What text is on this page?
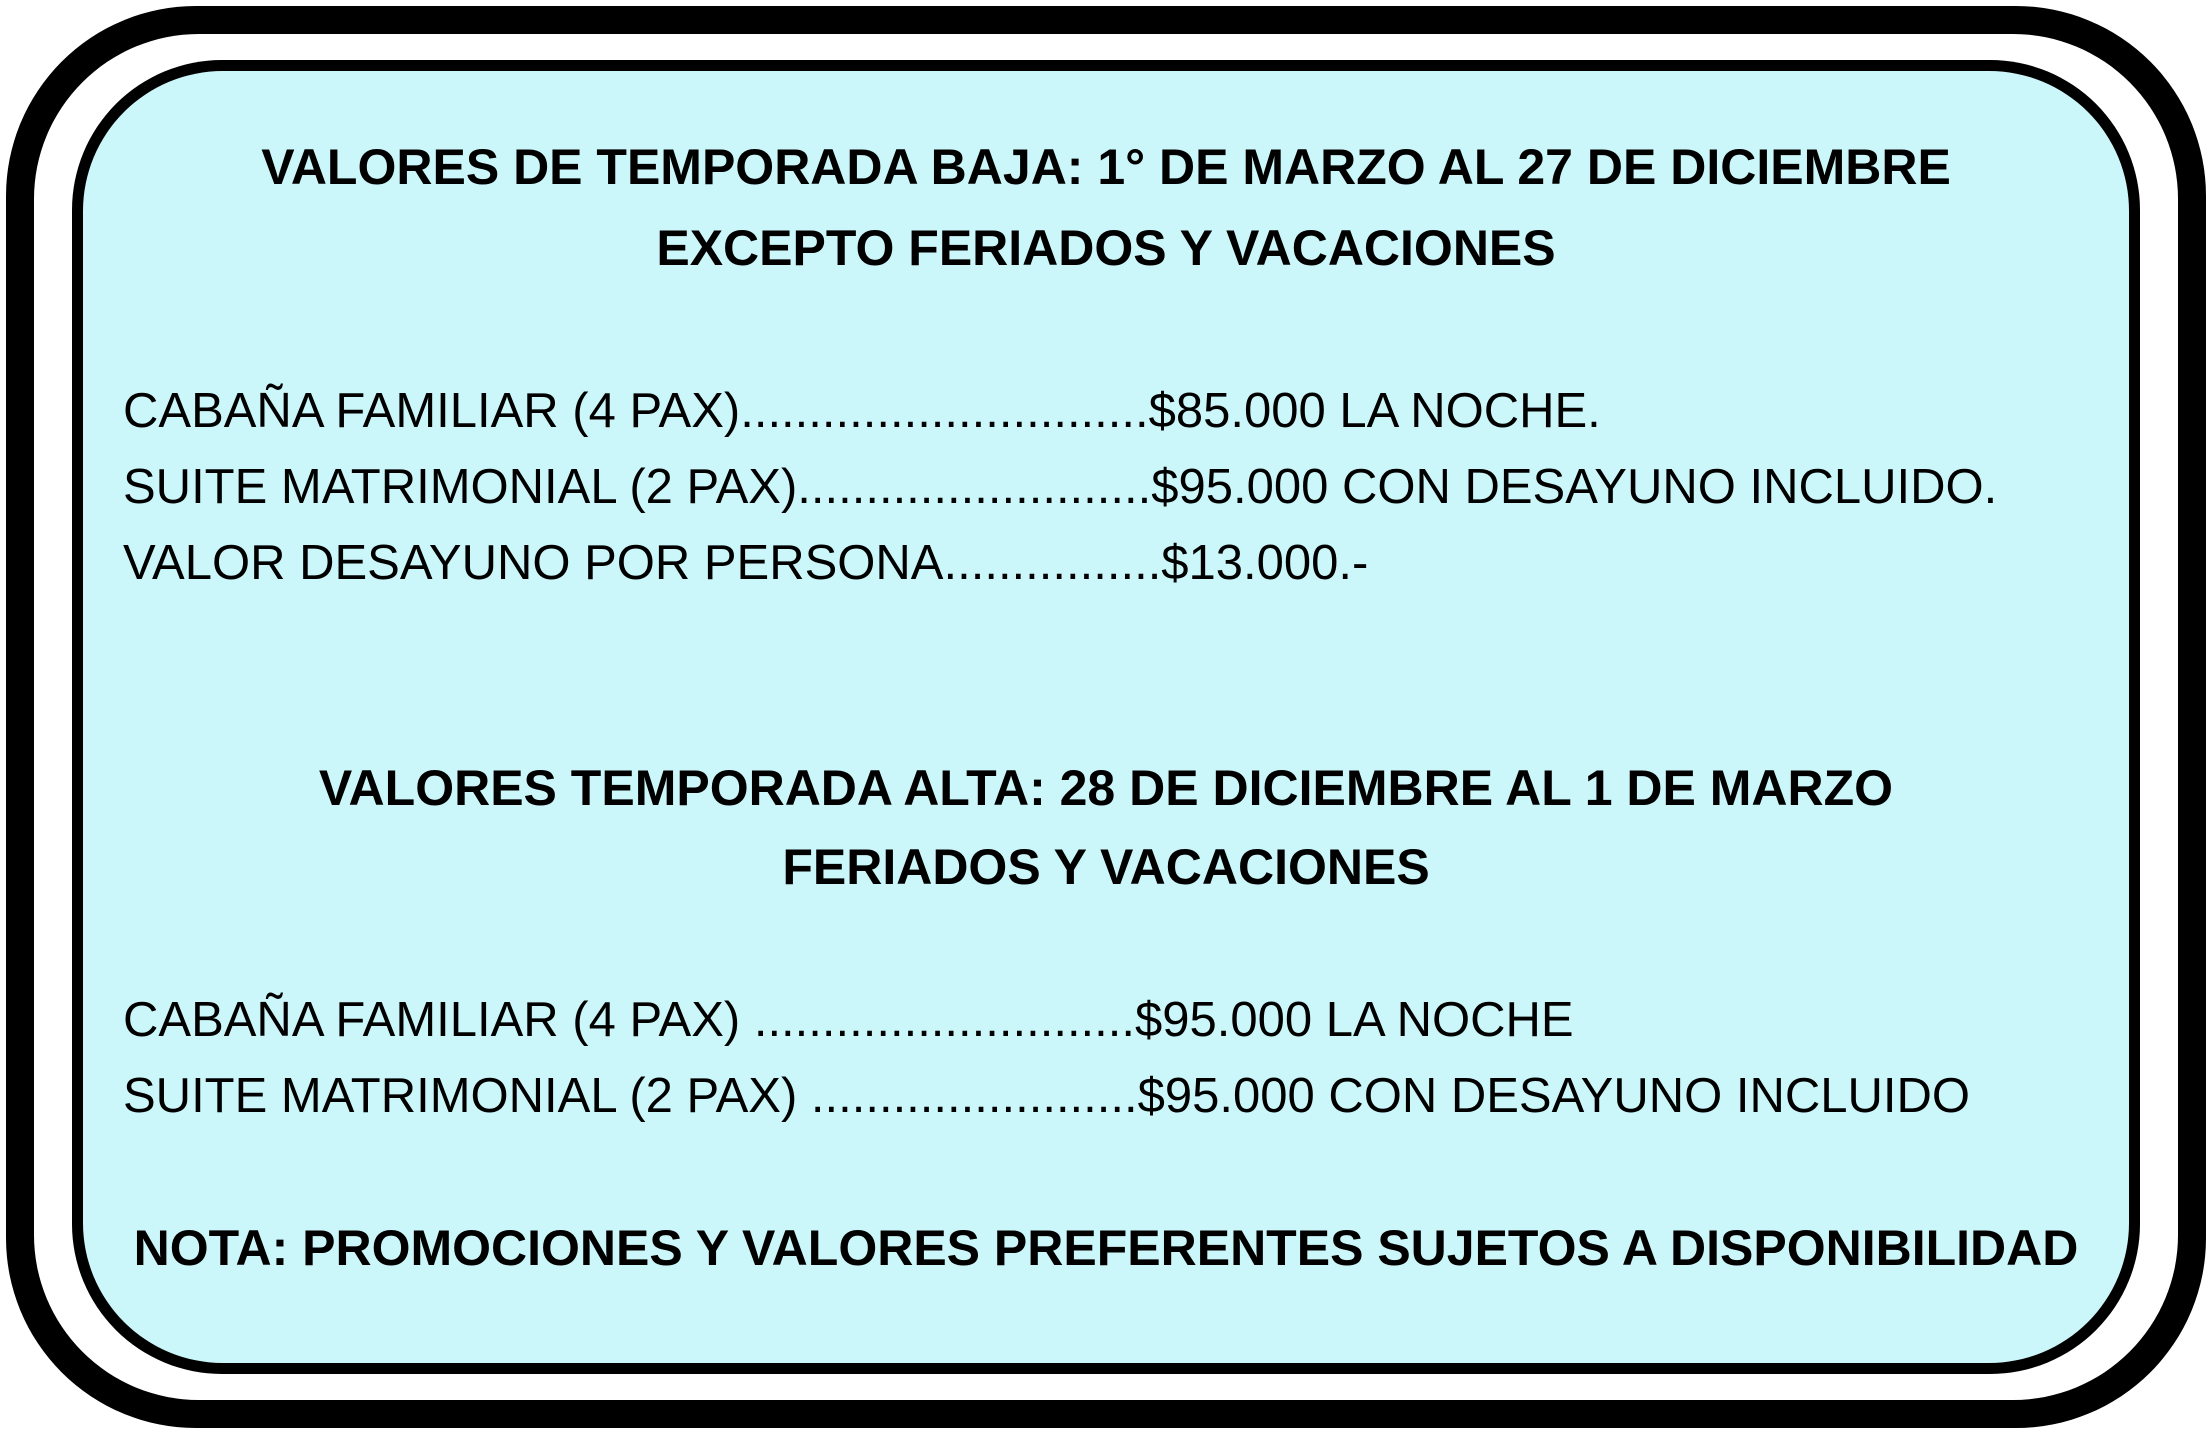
VALORES DE TEMPORADA BAJA: 1° DE MARZO AL 27 DE DICIEMBRE
EXCEPTO FERIADOS Y VACACIONES
CABAÑA FAMILIAR (4 PAX)..............................$85.000 LA NOCHE.
SUITE MATRIMONIAL (2 PAX)..........................$95.000 CON DESAYUNO INCLUIDO.
VALOR DESAYUNO POR PERSONA................$13.000.-
VALORES TEMPORADA ALTA: 28 DE DICIEMBRE AL 1 DE MARZO
FERIADOS Y VACACIONES
CABAÑA FAMILIAR (4 PAX) ............................$95.000 LA NOCHE
SUITE MATRIMONIAL (2 PAX) ........................$95.000 CON DESAYUNO INCLUIDO
NOTA: PROMOCIONES Y VALORES PREFERENTES SUJETOS A DISPONIBILIDAD
